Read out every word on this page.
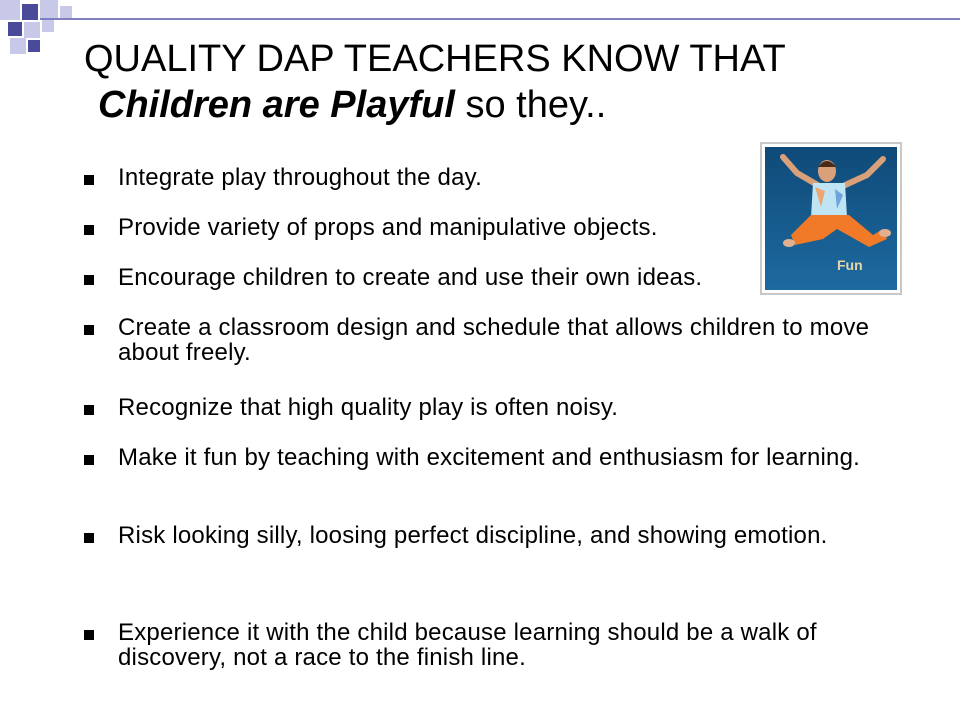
QUALITY DAP TEACHERS KNOW THAT
Children are Playful so they..
Integrate play throughout the day.
Provide variety of props and manipulative objects.
Encourage children to create and use their own ideas.
Create a classroom design and schedule that allows children to move about freely.
Recognize that high quality play is often noisy.
Make it fun by teaching with excitement and enthusiasm for learning.
Risk looking silly, loosing perfect discipline, and showing emotion.
Experience it with the child because learning should be a walk of discovery, not a race to the finish line.
Fun
